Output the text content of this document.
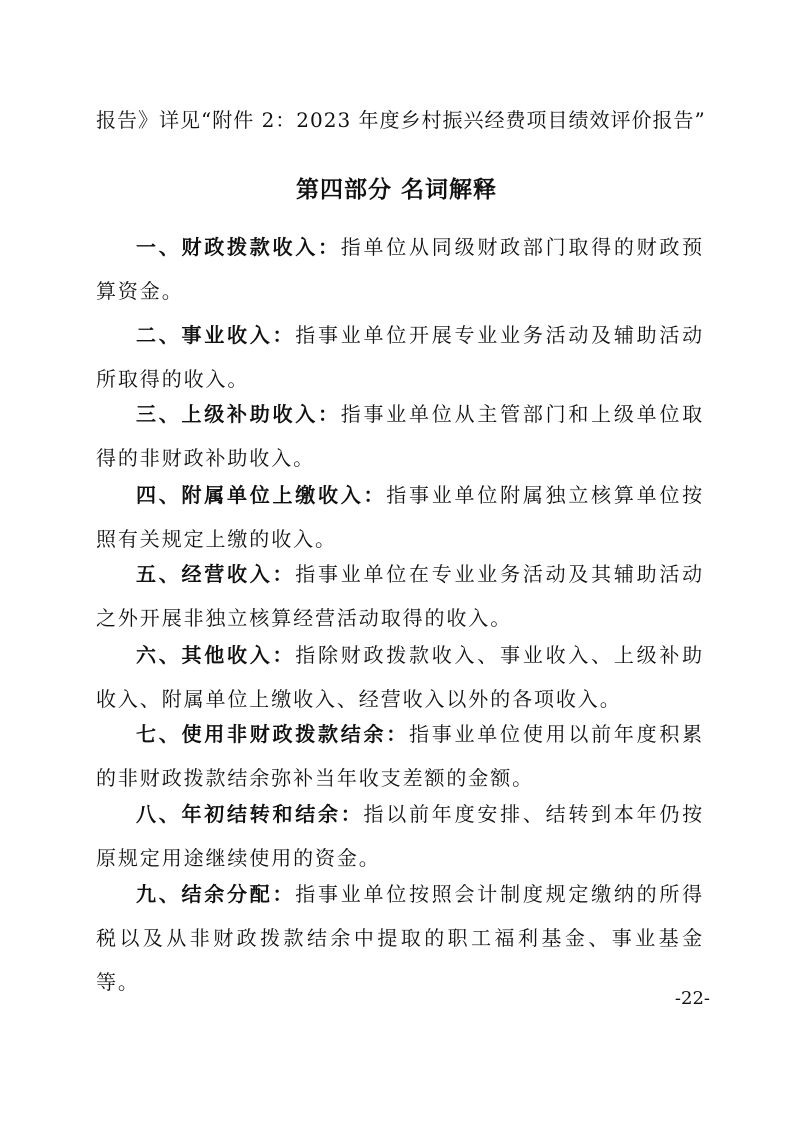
报告》详见“附件 2：2023 年度乡村振兴经费项目绩效评价报告”
第四部分 名词解释

一、财政拨款收入：指单位从同级财政部门取得的财政预算资金。

二、事业收入：指事业单位开展专业业务活动及辅助活动所取得的收入。

三、上级补助收入：指事业单位从主管部门和上级单位取得的非财政补助收入。

四、附属单位上缴收入：指事业单位附属独立核算单位按照有关规定上缴的收入。

五、经营收入：指事业单位在专业业务活动及其辅助活动之外开展非独立核算经营活动取得的收入。

六、其他收入：指除财政拨款收入、事业收入、上级补助收入、附属单位上缴收入、经营收入以外的各项收入。

七、使用非财政拨款结余：指事业单位使用以前年度积累的非财政拨款结余弥补当年收支差额的金额。

八、年初结转和结余：指以前年度安排、结转到本年仍按原规定用途继续使用的资金。

九、结余分配：指事业单位按照会计制度规定缴纳的所得税以及从非财政拨款结余中提取的职工福利基金、事业基金等。

-22-
